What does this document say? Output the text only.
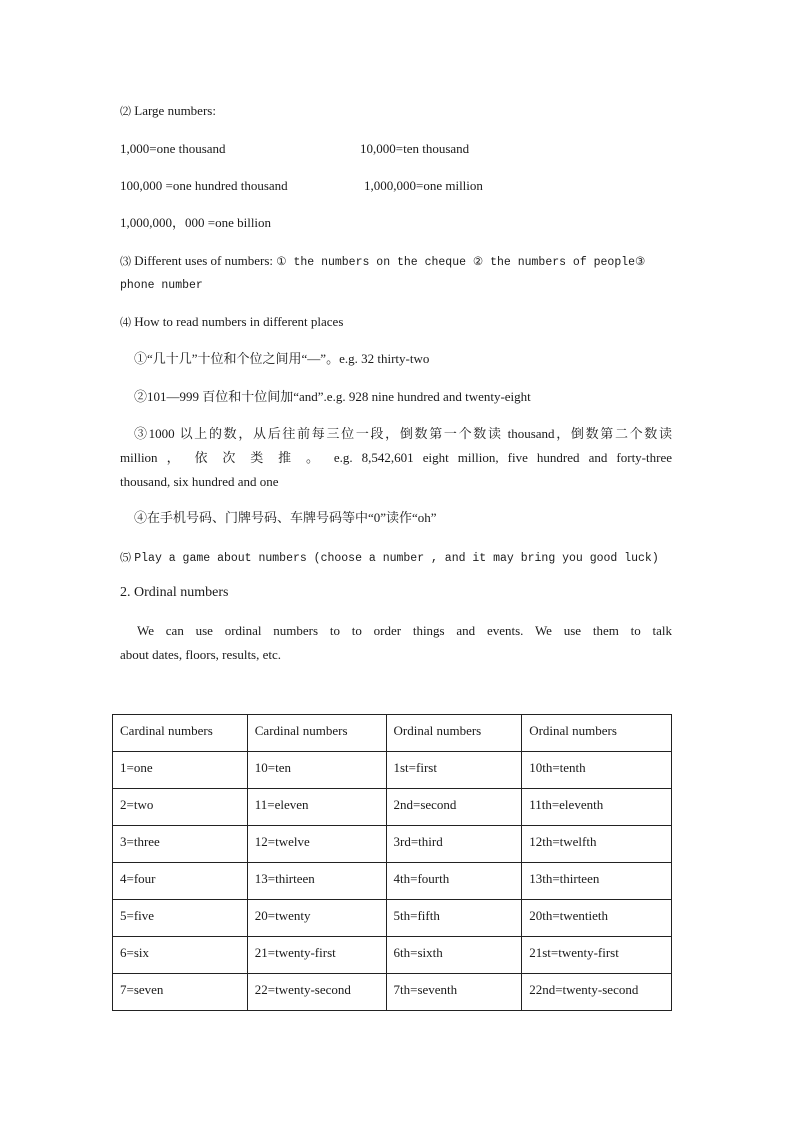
⑵ Large numbers:
1,000=one thousand	10,000=ten thousand
100,000 =one hundred thousand	1,000,000=one million
1,000,000，000 =one billion
⑶ Different uses of numbers: ① the numbers on the cheque ② the numbers of people③
phone number
⑷ How to read numbers in different places
①“几十几”十位和个位之间用“—”。e.g. 32 thirty-two
②101—999 百位和十位间加“and”.e.g. 928 nine hundred and twenty-eight
③1000 以上的数，从后往前每三位一段，倒数第一个数读 thousand，倒数第二个数读
million ， 依 次 类 推 。 e.g. 8,542,601 eight million, five hundred and forty-three
thousand, six hundred and one
④在手机号码、门牌号码、车牌号码等中“0”读作“oh”
⑸ Play a game about numbers (choose a number , and it may bring you good luck)
2. Ordinal numbers
We can use ordinal numbers to to order things and events. We use them to talk
about dates, floors, results, etc.
Cardinal numbers	Cardinal numbers	Ordinal numbers	Ordinal numbers
1=one	10=ten	1st=first	10th=tenth
2=two	11=eleven	2nd=second	11th=eleventh
3=three	12=twelve	3rd=third	12th=twelfth
4=four	13=thirteen	4th=fourth	13th=thirteen
5=five	20=twenty	5th=fifth	20th=twentieth
6=six	21=twenty-first	6th=sixth	21st=twenty-first
7=seven	22=twenty-second	7th=seventh	22nd=twenty-second
